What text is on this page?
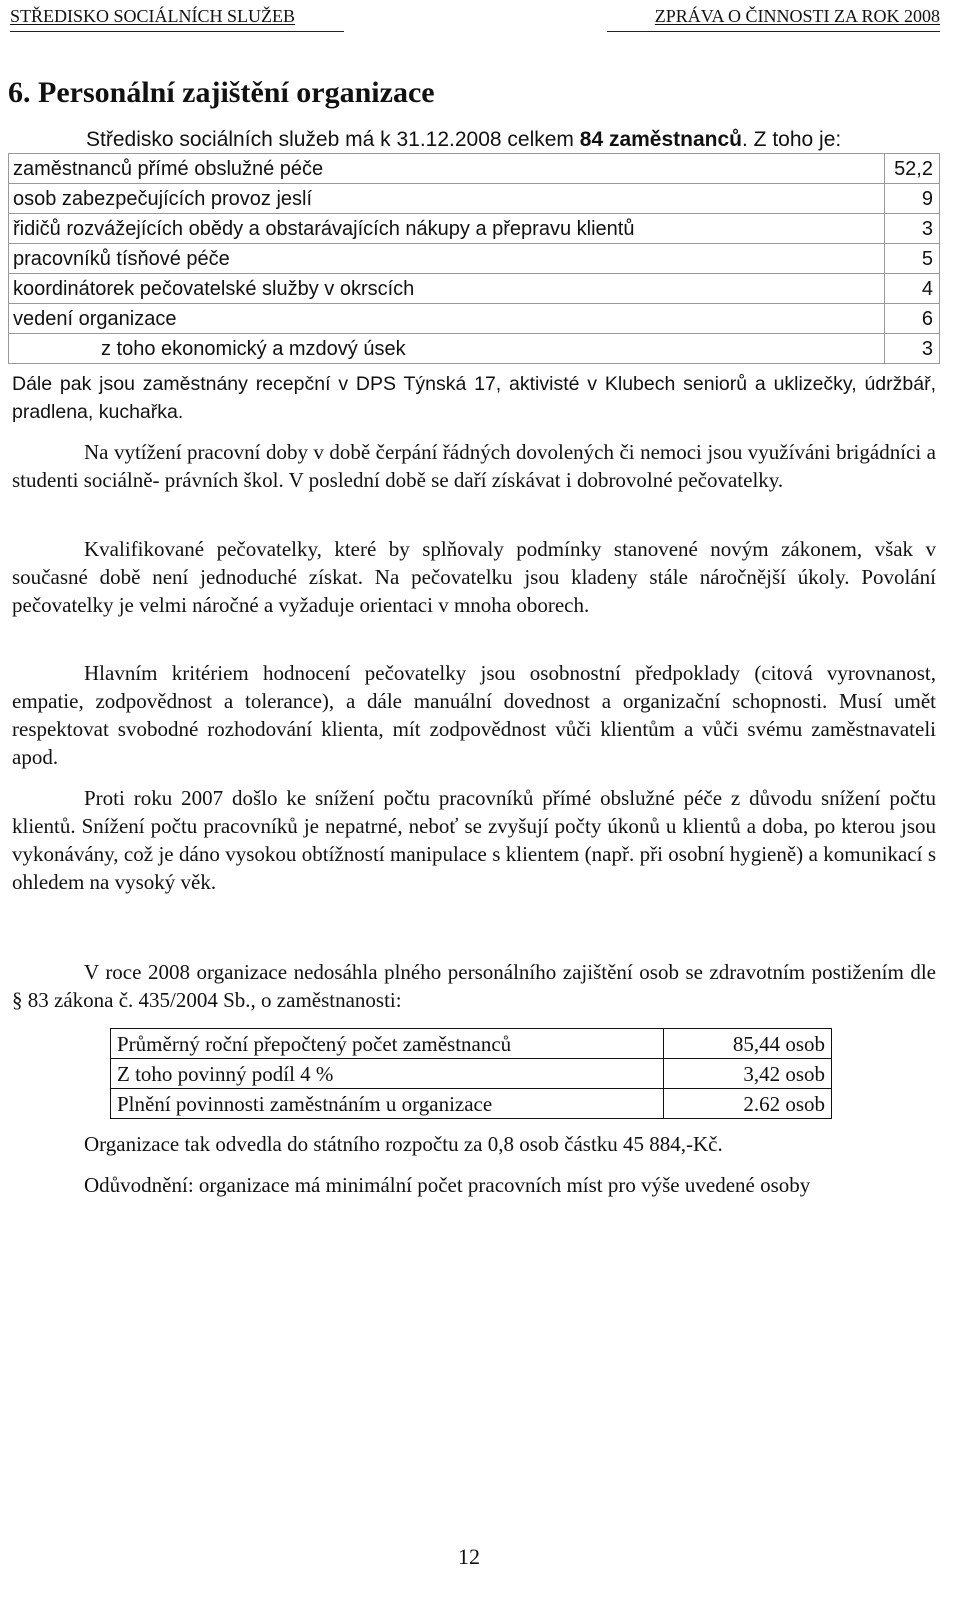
STŘEDISKO SOCIÁLNÍCH SLUŽEB	ZPRÁVA O ČINNOSTI ZA ROK 2008
6. Personální zajištění organizace
Středisko sociálních služeb má k 31.12.2008 celkem 84 zaměstnanců. Z toho je:
zaměstnanců přímé obslužné péče	52,2
osob zabezpečujících provoz jeslí	9
řidičů rozvážejících obědy a obstarávajících nákupy a přepravu klientů	3
pracovníků tísňové péče	5
koordinátorek pečovatelské služby v okrscích	4
vedení organizace	6
z toho ekonomický a mzdový úsek	3

Dále pak jsou zaměstnány recepční v DPS Týnská 17, aktivisté v Klubech seniorů a uklizečky, údržbář, pradlena, kuchařka.

Na vytížení pracovní doby v době čerpání řádných dovolených či nemoci jsou využíváni brigádníci a studenti sociálně- právních škol. V poslední době se daří získávat i dobrovolné pečovatelky.

Kvalifikované pečovatelky, které by splňovaly podmínky stanovené novým zákonem, však v současné době není jednoduché získat. Na pečovatelku jsou kladeny stále náročnější úkoly. Povolání pečovatelky je velmi náročné a vyžaduje orientaci v mnoha oborech.

Hlavním kritériem hodnocení pečovatelky jsou osobnostní předpoklady (citová vyrovnanost, empatie, zodpovědnost a tolerance), a dále manuální dovednost a organizační schopnosti. Musí umět respektovat svobodné rozhodování klienta, mít zodpovědnost vůči klientům a vůči svému zaměstnavateli apod.

Proti roku 2007 došlo ke snížení počtu pracovníků přímé obslužné péče z důvodu snížení počtu klientů. Snížení počtu pracovníků je nepatrné, neboť se zvyšují počty úkonů u klientů a doba, po kterou jsou vykonávány, což je dáno vysokou obtížností manipulace s klientem (např. při osobní hygieně) a komunikací s ohledem na vysoký věk.

V roce 2008 organizace nedosáhla plného personálního zajištění osob se zdravotním postižením dle § 83 zákona č. 435/2004 Sb., o zaměstnanosti:

Průměrný roční přepočtený počet zaměstnanců	85,44 osob
Z toho povinný podíl 4 %	3,42 osob
Plnění povinnosti zaměstnáním u organizace	2.62 osob
Organizace tak odvedla do státního rozpočtu za 0,8 osob částku 45 884,-Kč.
Odůvodnění: organizace má minimální počet pracovních míst pro výše uvedené osoby
12
